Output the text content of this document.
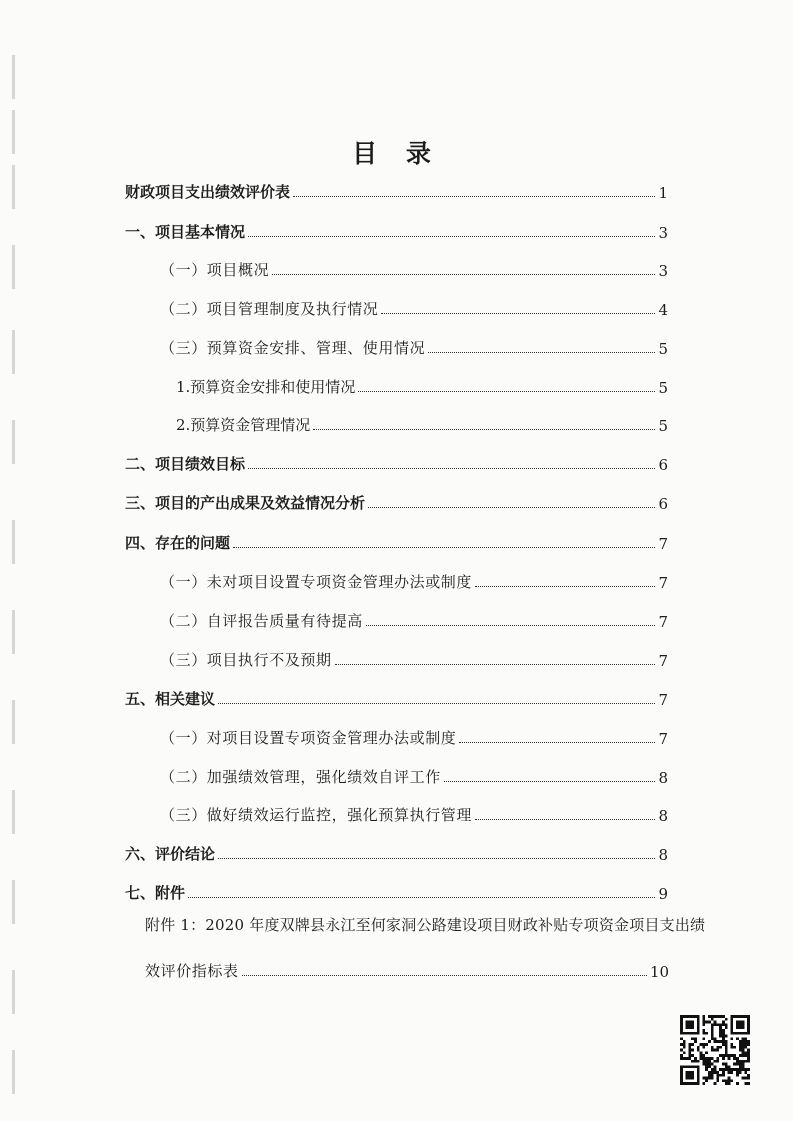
目 录
财政项目支出绩效评价表	1
一、项目基本情况	3
（一）项目概况	3
（二）项目管理制度及执行情况	4
（三）预算资金安排、管理、使用情况	5
1.预算资金安排和使用情况	5
2.预算资金管理情况	5
二、项目绩效目标	6
三、项目的产出成果及效益情况分析	6
四、存在的问题	7
（一）未对项目设置专项资金管理办法或制度	7
（二）自评报告质量有待提高	7
（三）项目执行不及预期	7
五、相关建议	7
（一）对项目设置专项资金管理办法或制度	7
（二）加强绩效管理，强化绩效自评工作	8
（三）做好绩效运行监控，强化预算执行管理	8
六、评价结论	8
七、附件	9
附件 1：2020 年度双牌县永江至何家洞公路建设项目财政补贴专项资金项目支出绩
效评价指标表	10
